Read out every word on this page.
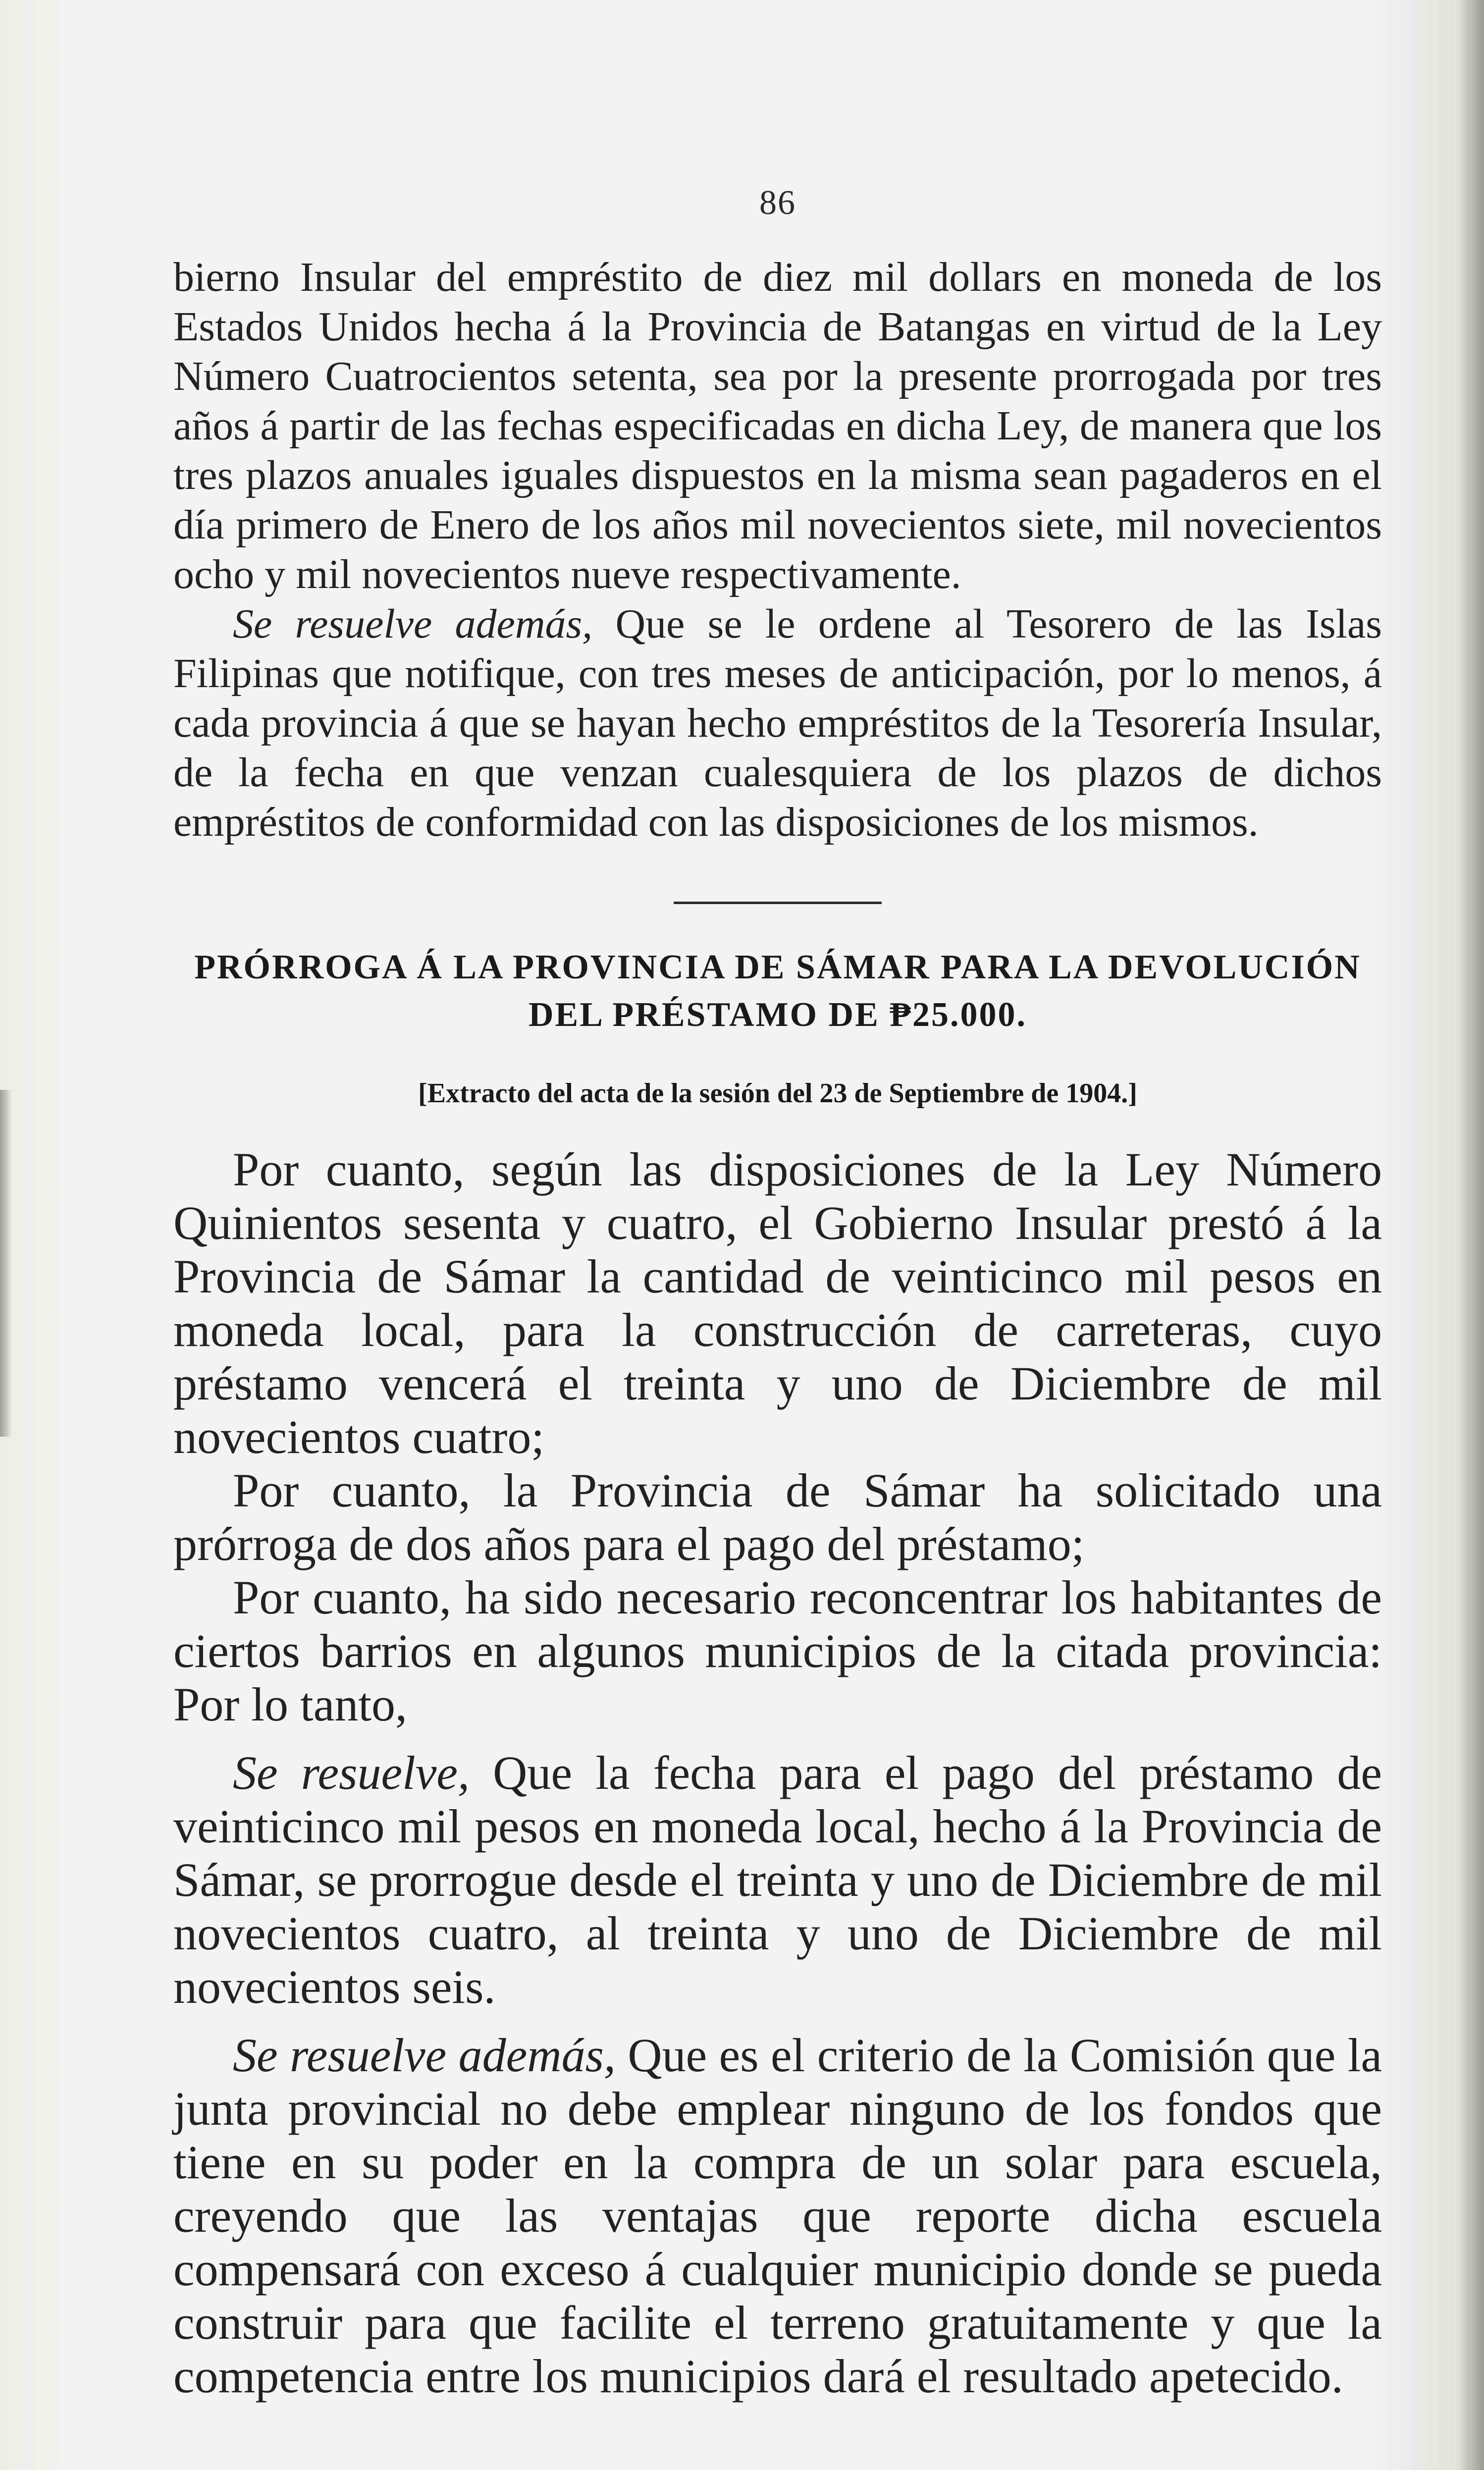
86

bierno Insular del empréstito de diez mil dollars en moneda de los Estados Unidos hecha á la Provincia de Batangas en virtud de la Ley Número Cuatrocientos setenta, sea por la presente prorrogada por tres años á partir de las fechas especificadas en dicha Ley, de manera que los tres plazos anuales iguales dispuestos en la misma sean pagaderos en el día primero de Enero de los años mil novecientos siete, mil novecientos ocho y mil novecientos nueve respectivamente.

Se resuelve además, Que se le ordene al Tesorero de las Islas Filipinas que notifique, con tres meses de anticipación, por lo menos, á cada provincia á que se hayan hecho empréstitos de la Tesorería Insular, de la fecha en que venzan cualesquiera de los plazos de dichos empréstitos de conformidad con las disposiciones de los mismos.

PRÓRROGA Á LA PROVINCIA DE SÁMAR PARA LA DEVOLUCIÓN
DEL PRÉSTAMO DE ₱25.000.
[Extracto del acta de la sesión del 23 de Septiembre de 1904.]

Por cuanto, según las disposiciones de la Ley Número Quinientos sesenta y cuatro, el Gobierno Insular prestó á la Provincia de Sámar la cantidad de veinticinco mil pesos en moneda local, para la construcción de carreteras, cuyo préstamo vencerá el treinta y uno de Diciembre de mil novecientos cuatro;

Por cuanto, la Provincia de Sámar ha solicitado una prórroga de dos años para el pago del préstamo;

Por cuanto, ha sido necesario reconcentrar los habitantes de ciertos barrios en algunos municipios de la citada provincia: Por lo tanto,

Se resuelve, Que la fecha para el pago del préstamo de veinticinco mil pesos en moneda local, hecho á la Provincia de Sámar, se prorrogue desde el treinta y uno de Diciembre de mil novecientos cuatro, al treinta y uno de Diciembre de mil novecientos seis.

Se resuelve además, Que es el criterio de la Comisión que la junta provincial no debe emplear ninguno de los fondos que tiene en su poder en la compra de un solar para escuela, creyendo que las ventajas que reporte dicha escuela compensará con exceso á cualquier municipio donde se pueda construir para que facilite el terreno gratuitamente y que la competencia entre los municipios dará el resultado apetecido.
